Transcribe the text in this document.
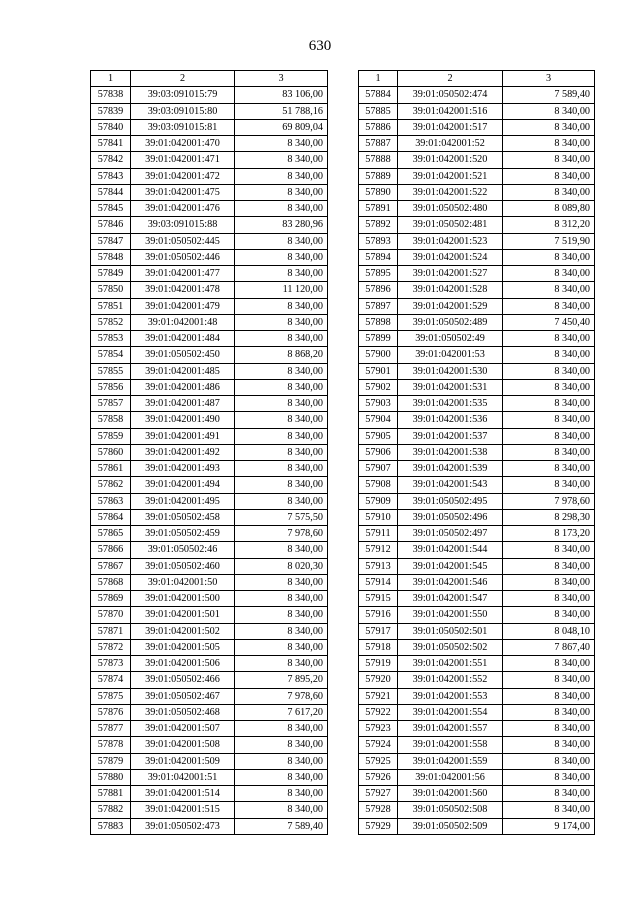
630
1	2	3
57838	39:03:091015:79	83 106,00
57839	39:03:091015:80	51 788,16
57840	39:03:091015:81	69 809,04
57841	39:01:042001:470	8 340,00
57842	39:01:042001:471	8 340,00
57843	39:01:042001:472	8 340,00
57844	39:01:042001:475	8 340,00
57845	39:01:042001:476	8 340,00
57846	39:03:091015:88	83 280,96
57847	39:01:050502:445	8 340,00
57848	39:01:050502:446	8 340,00
57849	39:01:042001:477	8 340,00
57850	39:01:042001:478	11 120,00
57851	39:01:042001:479	8 340,00
57852	39:01:042001:48	8 340,00
57853	39:01:042001:484	8 340,00
57854	39:01:050502:450	8 868,20
57855	39:01:042001:485	8 340,00
57856	39:01:042001:486	8 340,00
57857	39:01:042001:487	8 340,00
57858	39:01:042001:490	8 340,00
57859	39:01:042001:491	8 340,00
57860	39:01:042001:492	8 340,00
57861	39:01:042001:493	8 340,00
57862	39:01:042001:494	8 340,00
57863	39:01:042001:495	8 340,00
57864	39:01:050502:458	7 575,50
57865	39:01:050502:459	7 978,60
57866	39:01:050502:46	8 340,00
57867	39:01:050502:460	8 020,30
57868	39:01:042001:50	8 340,00
57869	39:01:042001:500	8 340,00
57870	39:01:042001:501	8 340,00
57871	39:01:042001:502	8 340,00
57872	39:01:042001:505	8 340,00
57873	39:01:042001:506	8 340,00
57874	39:01:050502:466	7 895,20
57875	39:01:050502:467	7 978,60
57876	39:01:050502:468	7 617,20
57877	39:01:042001:507	8 340,00
57878	39:01:042001:508	8 340,00
57879	39:01:042001:509	8 340,00
57880	39:01:042001:51	8 340,00
57881	39:01:042001:514	8 340,00
57882	39:01:042001:515	8 340,00
57883	39:01:050502:473	7 589,40
1	2	3
57884	39:01:050502:474	7 589,40
57885	39:01:042001:516	8 340,00
57886	39:01:042001:517	8 340,00
57887	39:01:042001:52	8 340,00
57888	39:01:042001:520	8 340,00
57889	39:01:042001:521	8 340,00
57890	39:01:042001:522	8 340,00
57891	39:01:050502:480	8 089,80
57892	39:01:050502:481	8 312,20
57893	39:01:042001:523	7 519,90
57894	39:01:042001:524	8 340,00
57895	39:01:042001:527	8 340,00
57896	39:01:042001:528	8 340,00
57897	39:01:042001:529	8 340,00
57898	39:01:050502:489	7 450,40
57899	39:01:050502:49	8 340,00
57900	39:01:042001:53	8 340,00
57901	39:01:042001:530	8 340,00
57902	39:01:042001:531	8 340,00
57903	39:01:042001:535	8 340,00
57904	39:01:042001:536	8 340,00
57905	39:01:042001:537	8 340,00
57906	39:01:042001:538	8 340,00
57907	39:01:042001:539	8 340,00
57908	39:01:042001:543	8 340,00
57909	39:01:050502:495	7 978,60
57910	39:01:050502:496	8 298,30
57911	39:01:050502:497	8 173,20
57912	39:01:042001:544	8 340,00
57913	39:01:042001:545	8 340,00
57914	39:01:042001:546	8 340,00
57915	39:01:042001:547	8 340,00
57916	39:01:042001:550	8 340,00
57917	39:01:050502:501	8 048,10
57918	39:01:050502:502	7 867,40
57919	39:01:042001:551	8 340,00
57920	39:01:042001:552	8 340,00
57921	39:01:042001:553	8 340,00
57922	39:01:042001:554	8 340,00
57923	39:01:042001:557	8 340,00
57924	39:01:042001:558	8 340,00
57925	39:01:042001:559	8 340,00
57926	39:01:042001:56	8 340,00
57927	39:01:042001:560	8 340,00
57928	39:01:050502:508	8 340,00
57929	39:01:050502:509	9 174,00
